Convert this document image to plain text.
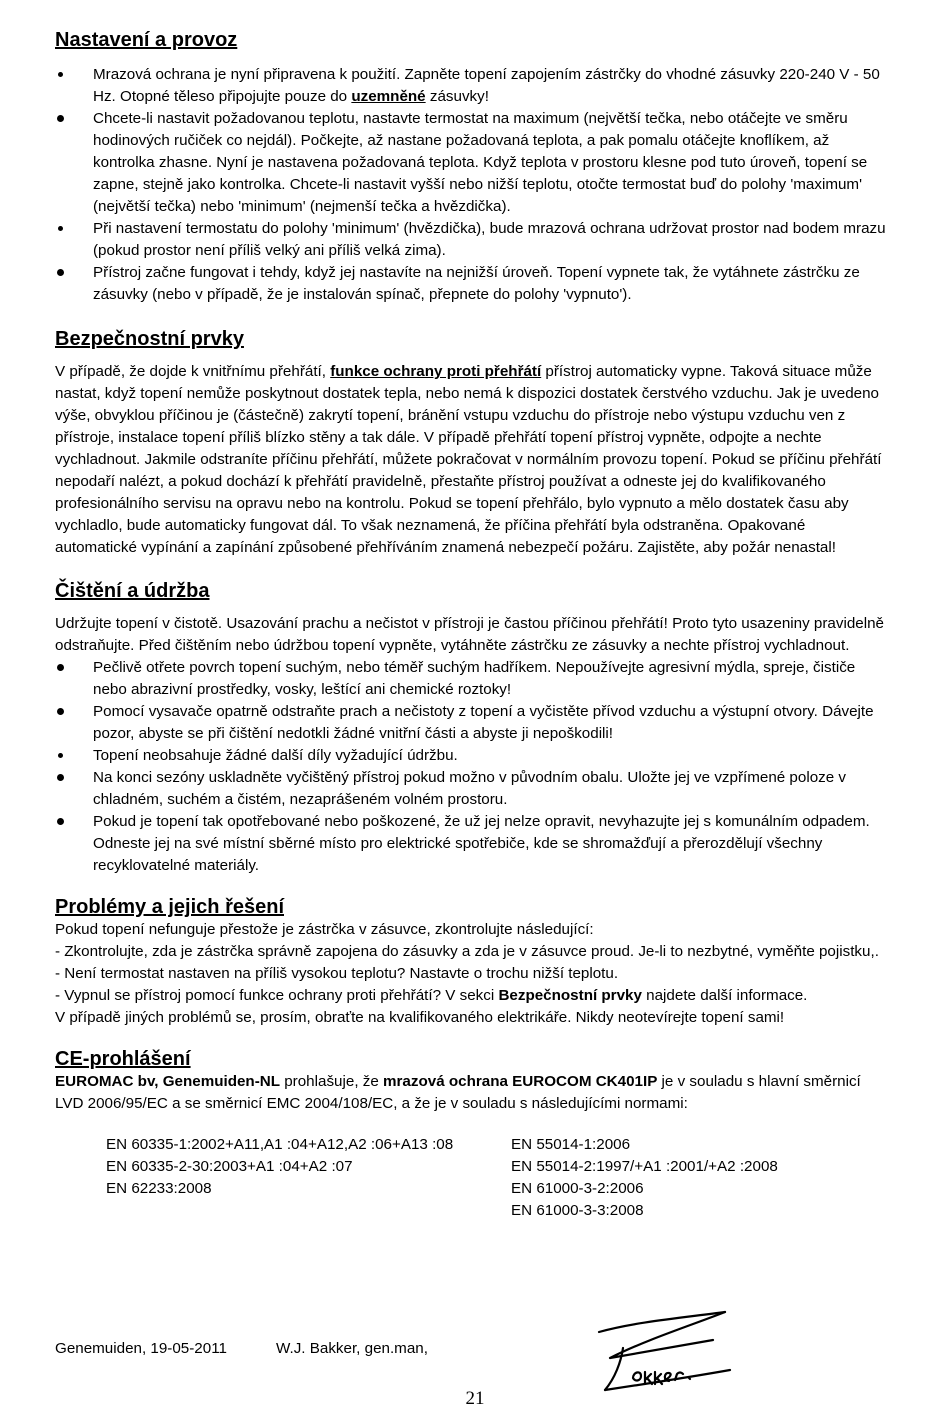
Nastavení a provoz
Mrazová ochrana je nyní připravena k použití. Zapněte topení zapojením zástrčky do vhodné zásuvky 220-240 V - 50 Hz. Otopné těleso připojujte pouze do uzemněné zásuvky!
Chcete-li nastavit požadovanou teplotu, nastavte termostat na maximum (největší tečka, nebo otáčejte ve směru hodinových ručiček co nejdál). Počkejte, až nastane požadovaná teplota, a pak pomalu otáčejte knoflíkem, až kontrolka zhasne. Nyní je nastavena požadovaná teplota. Když teplota v prostoru klesne pod tuto úroveň, topení se zapne, stejně jako kontrolka. Chcete-li nastavit vyšší nebo nižší teplotu, otočte termostat buď do polohy 'maximum' (největší tečka) nebo 'minimum' (nejmenší tečka a hvězdička).
Při nastavení termostatu do polohy 'minimum' (hvězdička), bude mrazová ochrana udržovat prostor nad bodem mrazu (pokud prostor není příliš velký ani příliš velká zima).
Přístroj začne fungovat i tehdy, když jej nastavíte na nejnižší úroveň. Topení vypnete tak, že vytáhnete zástrčku ze zásuvky (nebo v případě, že je instalován spínač, přepnete do polohy 'vypnuto').
Bezpečnostní prvky

V případě, že dojde k vnitřnímu přehřátí, funkce ochrany proti přehřátí přístroj automaticky vypne. Taková situace může nastat, když topení nemůže poskytnout dostatek tepla, nebo nemá k dispozici dostatek čerstvého vzduchu. Jak je uvedeno výše, obvyklou příčinou je (částečně) zakrytí topení, bránění vstupu vzduchu do přístroje nebo výstupu vzduchu ven z přístroje, instalace topení příliš blízko stěny a tak dále. V případě přehřátí topení přístroj vypněte, odpojte a nechte vychladnout. Jakmile odstraníte příčinu přehřátí, můžete pokračovat v normálním provozu topení. Pokud se příčinu přehřátí nepodaří nalézt, a pokud dochází k přehřátí pravidelně, přestaňte přístroj používat a odneste jej do kvalifikovaného profesionálního servisu na opravu nebo na kontrolu. Pokud se topení přehřálo, bylo vypnuto a mělo dostatek času aby vychladlo, bude automaticky fungovat dál. To však neznamená, že příčina přehřátí byla odstraněna. Opakované automatické vypínání a zapínání způsobené přehříváním znamená nebezpečí požáru. Zajistěte, aby požár nenastal!

Čištění a údržba

Udržujte topení v čistotě. Usazování prachu a nečistot v přístroji je častou příčinou přehřátí! Proto tyto usazeniny pravidelně odstraňujte. Před čištěním nebo údržbou topení vypněte, vytáhněte zástrčku ze zásuvky a nechte přístroj vychladnout.

Pečlivě otřete povrch topení suchým, nebo téměř suchým hadříkem. Nepoužívejte agresivní mýdla, spreje, čističe nebo abrazivní prostředky, vosky, leštící ani chemické roztoky!
Pomocí vysavače opatrně odstraňte prach a nečistoty z topení a vyčistěte přívod vzduchu a výstupní otvory. Dávejte pozor, abyste se při čištění nedotkli žádné vnitřní části a abyste ji nepoškodili!
Topení neobsahuje žádné další díly vyžadující údržbu.
Na konci sezóny uskladněte vyčištěný přístroj pokud možno v původním obalu. Uložte jej ve vzpřímené poloze v chladném, suchém a čistém, nezaprášeném volném prostoru.
Pokud je topení tak opotřebované nebo poškozené, že už jej nelze opravit, nevyhazujte jej s komunálním odpadem. Odneste jej na své místní sběrné místo pro elektrické spotřebiče, kde se shromažďují a přerozdělují všechny recyklovatelné materiály.
Problémy a jejich řešení

Pokud topení nefunguje přestože je zástrčka v zásuvce, zkontrolujte následující:

- Zkontrolujte, zda je zástrčka správně zapojena do zásuvky a zda je v zásuvce proud. Je-li to nezbytné, vyměňte pojistku,.

- Není termostat nastaven na příliš vysokou teplotu? Nastavte o trochu nižší teplotu.

- Vypnul se přístroj pomocí funkce ochrany proti přehřátí? V sekci Bezpečnostní prvky najdete další informace.

V případě jiných problémů se, prosím, obraťte na kvalifikovaného elektrikáře. Nikdy neotevírejte topení sami!

CE-prohlášení

EUROMAC bv, Genemuiden-NL prohlašuje, že mrazová ochrana EUROCOM CK401IP je v souladu s hlavní směrnicí LVD 2006/95/EC a se směrnicí EMC 2004/108/EC, a že je v souladu s následujícími normami:

EN 60335-1:2002+A11,A1 :04+A12,A2 :06+A13 :08
EN 60335-2-30:2003+A1 :04+A2 :07
EN 62233:2008
EN 55014-1:2006
EN 55014-2:1997/+A1 :2001/+A2 :2008
EN 61000-3-2:2006
EN 61000-3-3:2008
Genemuiden, 19-05-2011	W.J. Bakker, gen.man,
21
